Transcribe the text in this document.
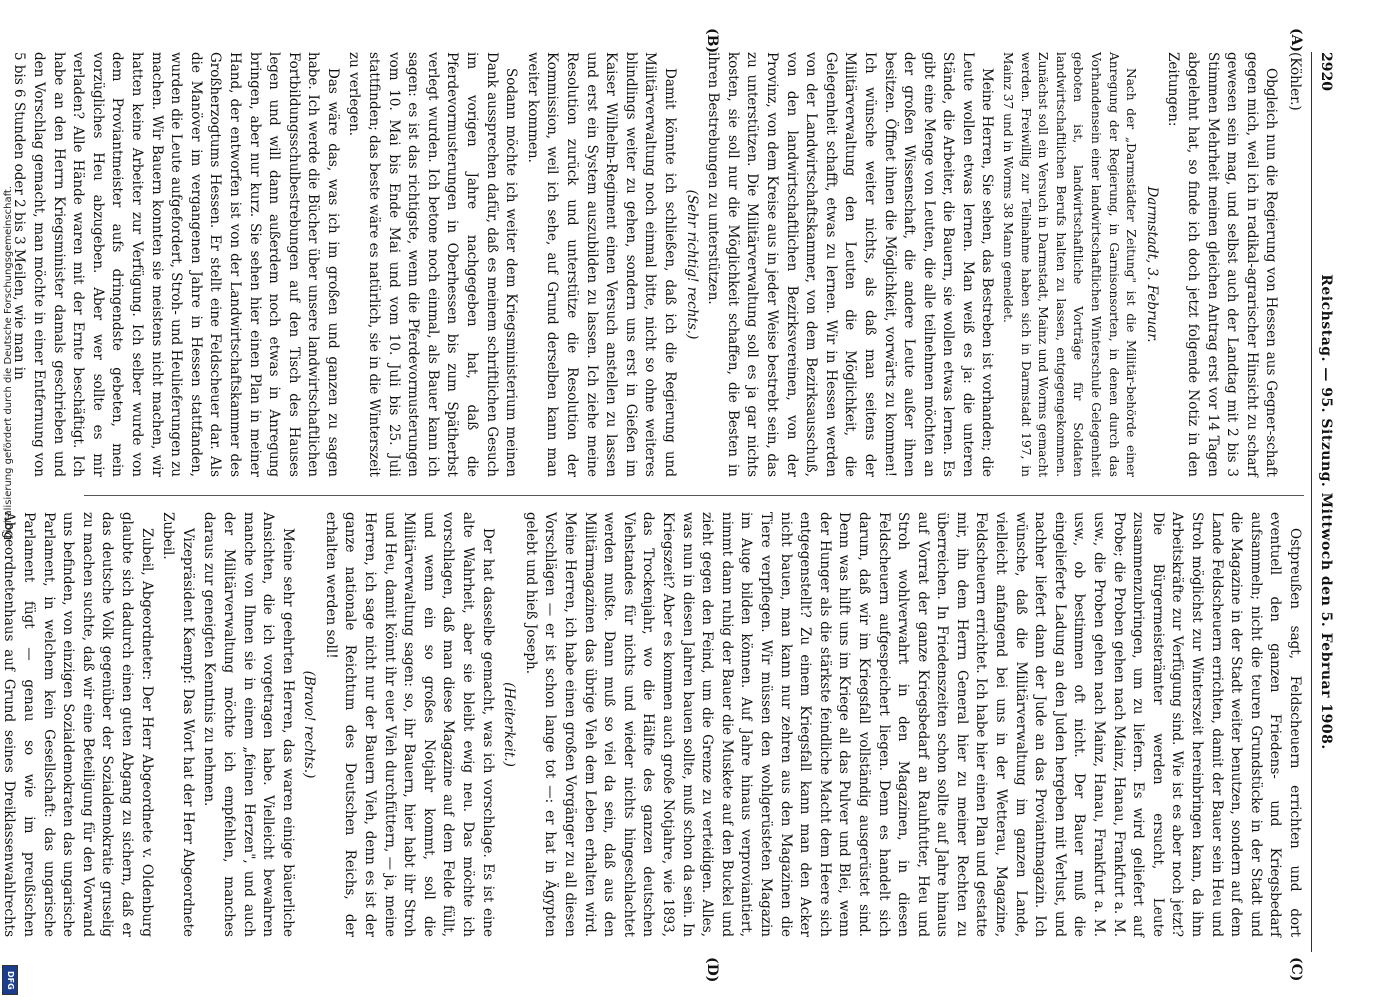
2920
Reichstag. — 95. Sitzung. Mittwoch den 5. Februar 1908.
(A)
(B)
(C)
(D)

(Köhler.)

Obgleich nun die Regierung von Hessen aus Gegner-schaft gegen mich, weil ich in radikal-agrarischer Hinsicht zu scharf gewesen sein mag, und selbst auch der Landtag mit 2 bis 3 Stimmen Mehrheit meinen gleichen Antrag erst vor 14 Tagen abgelehnt hat, so finde ich doch jetzt folgende Notiz in den Zeitungen:

Darmstadt, 3. Februar.

Nach der „Darmstädter Zeitung" ist die Militär-behörde einer Anregung der Regierung, in Garnisonsorten, in denen durch das Vorhandensein einer landwirtschaftlichen Winterschule Gelegenheit geboten ist, landwirtschaftliche Vorträge für Soldaten landwirtschaftlichen Berufs halten zu lassen, entgegengekommen. Zunächst soll ein Versuch in Darmstadt, Mainz und Worms gemacht werden. Freiwillig zur Teilnahme haben sich in Darmstadt 197, in Mainz 37 und in Worms 38 Mann gemeldet.

Meine Herren, Sie sehen, das Bestreben ist vorhanden; die Leute wollen etwas lernen. Man weiß es ja: die unteren Stände, die Arbeiter, die Bauern, sie wollen etwas lernen. Es gibt eine Menge von Leuten, die alle teilnehmen möchten an der großen Wissenschaft, die andere Leute außer ihnen besitzen. Öffnet ihnen die Möglichkeit, vorwärts zu kommen! Ich wünsche weiter nichts, als daß man seitens der Militärverwaltung den Leuten die Möglichkeit, die Gelegenheit schafft, etwas zu lernen. Wir in Hessen werden von der Landwirtschaftskammer, von dem Bezirksausschuß, von den landwirtschaftlichen Bezirksvereinen, von der Provinz, von dem Kreise aus in jeder Weise bestrebt sein, das zu unterstützen. Die Militärverwaltung soll es ja gar nichts kosten, sie soll nur die Möglichkeit schaffen, die Besten in ihren Bestrebungen zu unterstützen.

(Sehr richtig! rechts.)

Damit könnte ich schließen, daß ich die Regierung und Militärverwaltung noch einmal bitte, nicht so ohne weiteres blindlings weiter zu gehen, sondern uns erst in Gießen im Kaiser Wilhelm-Regiment einen Versuch anstellen zu lassen und erst ein System auszubilden zu lassen. Ich ziehe meine Resolution zurück und unterstütze die Resolution der Kommission, weil ich sehe, auf Grund derselben kann man weiter kommen.

Sodann möchte ich weiter dem Kriegsministerium meinen Dank aussprechen dafür, daß es meinem schriftlichen Gesuch im vorigen Jahre nachgegeben hat, daß die Pferdevormusterungen in Oberhessen bis zum Spätherbst verlegt wurden. Ich betone noch einmal, als Bauer kann ich sagen: es ist das richtigste, wenn die Pferdevormusterungen vom 10. Mai bis Ende Mai und vom 10. Juli bis 25. Juli stattfinden; das beste wäre es natürlich, sie in die Winterszeit zu verlegen.

Das wäre das, was ich im großen und ganzen zu sagen habe. Ich werde die Bücher über unsere landwirtschaftlichen Fortbildungsschulbestrebungen auf den Tisch des Hauses legen und will dann außerdem noch etwas in Anregung bringen, aber nur kurz. Sie sehen hier einen Plan in meiner Hand, der entworfen ist von der Landwirtschaftskammer des Großherzogtums Hessen. Er stellt eine Feldscheuer dar. Als die Manöver im vergangenen Jahre in Hessen stattfanden, wurden die Leute aufgefordert, Stroh- und Heulieferungen zu machen. Wir Bauern konnten sie meistens nicht machen, wir hatten keine Arbeiter zur Verfügung. Ich selber wurde von dem Proviantmeister aufs dringendste gebeten, mein vorzügliches Heu abzugeben. Aber wer sollte es mir verladen? Alle Hände waren mit der Ernte beschäftigt. Ich habe an den Herrn Kriegsminister damals geschrieben und den Vorschlag gemacht, man möchte in einer Entfernung von 5 bis 6 Stunden oder 2 bis 3 Meilen, wie man in

Ostpreußen sagt, Feldscheuern errichten und dort eventuell den ganzen Friedens- und Kriegsbedarf aufsammeln; nicht die teuren Grundstücke in der Stadt und die Magazine in der Stadt weiter benutzen, sondern auf dem Lande Feldscheuern errichten, damit der Bauer sein Heu und Stroh möglichst zur Winterszeit hereinbringen kann, da ihm Arbeitskräfte zur Verfügung sind. Wie ist es aber noch jetzt? Die Bürgermeisterämter werden ersucht, Leute zusammenzubringen, um zu liefern. Es wird geliefert auf Probe; die Proben gehen nach Mainz, Hanau, Frankfurt a. M. usw., die Proben gehen nach Mainz, Hanau, Frankfurt a. M. usw., ob bestimmen oft nicht. Der Bauer muß die eingelieferte Ladung an den Juden hergeben mit Verlust, und nachher liefert dann der Jude an das Proviantmagazin. Ich wünsche, daß die Militärverwaltung im ganzen Lande, vielleicht anfangend bei uns in der Wetterau, Magazine, Feldscheuern errichtet. Ich habe hier einen Plan und gestatte mir, ihn dem Herrn General hier zu meiner Rechten zu überreichen. In Friedenszeiten schon sollte auf Jahre hinaus auf Vorrat der ganze Kriegsbedarf an Rauhfutter, Heu und Stroh wohlverwahrt in den Magazinen, in diesen Feldscheuern aufgespeichert liegen. Denn es handelt sich darum, daß wir im Kriegsfall vollständig ausgerüstet sind. Denn was hilft uns im Kriege all das Pulver und Blei, wenn der Hunger als die stärkste feindliche Macht dem Heere sich entgegenstellt? Zu einem Kriegsfall kann man den Acker nicht bauen, man kann nur zehren aus den Magazinen die Tiere verpflegen. Wir müssen den wohlgerüsteten Magazin im Auge bilden können. Auf Jahre hinaus verproviantiert, nimmt dann ruhig der Bauer die Muskete auf den Buckel und zieht gegen den Feind, um die Grenze zu verteidigen. Alles, was nun in diesen Jahren bauen sollte, muß schon da sein. In Kriegszeit? Aber es kommen auch große Notjahre, wie 1893, das Trockenjahr, wo die Hälfte des ganzen deutschen Viehstandes für nichts und wieder nichts hingeschlachtet werden mußte. Dann muß so viel da sein, daß aus den Militärmagazinen das übrige Vieh dem Leben erhalten wird. Meine Herren, ich habe einen großen Vorgänger zu all diesen Vorschlägen — er ist schon lange tot —: er hat in Ägypten gelebt und hieß Joseph.

(Heiterkeit.)

Der hat dasselbe gemacht, was ich vorschlage. Es ist eine alte Wahrheit, aber sie bleibt ewig neu. Das möchte ich vorschlagen, daß man diese Magazine auf dem Felde füllt, und wenn ein so großes Notjahr kommt, soll die Militärverwaltung sagen: so, ihr Bauern, hier habt ihr Stroh und Heu, damit könnt ihr euer Vieh durchfüttern, — ja, meine Herren, ich sage nicht nur der Bauern Vieh, denn es ist der ganze nationale Reichtum des Deutschen Reichs, der erhalten werden soll!

(Bravo! rechts.)

Meine sehr geehrten Herren, das waren einige bäuerliche Ansichten, die ich vorgetragen habe. Vielleicht bewahren manche von Ihnen sie in einem „feinen Herzen", und auch der Militärverwaltung möchte ich empfehlen, manches daraus zur geneigten Kenntnis zu nehmen.

Vizepräsident Kaempf: Das Wort hat der Herr Abgeordnete Zubeil.

Zubeil, Abgeordneter: Der Herr Abgeordnete v. Oldenburg glaubte sich dadurch einen guten Abgang zu sichern, daß er das deutsche Volk gegenüber der Sozialdemokratie gruselig zu machen suchte, daß wir eine Beteiligung für den Vorwand uns befinden, von einzigen Sozialdemokraten das ungarische Parlament, in welchem kein Gesellschaft: das ungarische Parlament fügt — genau so wie im preußischen Abgeordnetenhaus auf Grund seines Dreiklassenwahlrechts

Digitalisierung gefördert durch die Deutsche Forschungsgemeinschaft.
DFG
